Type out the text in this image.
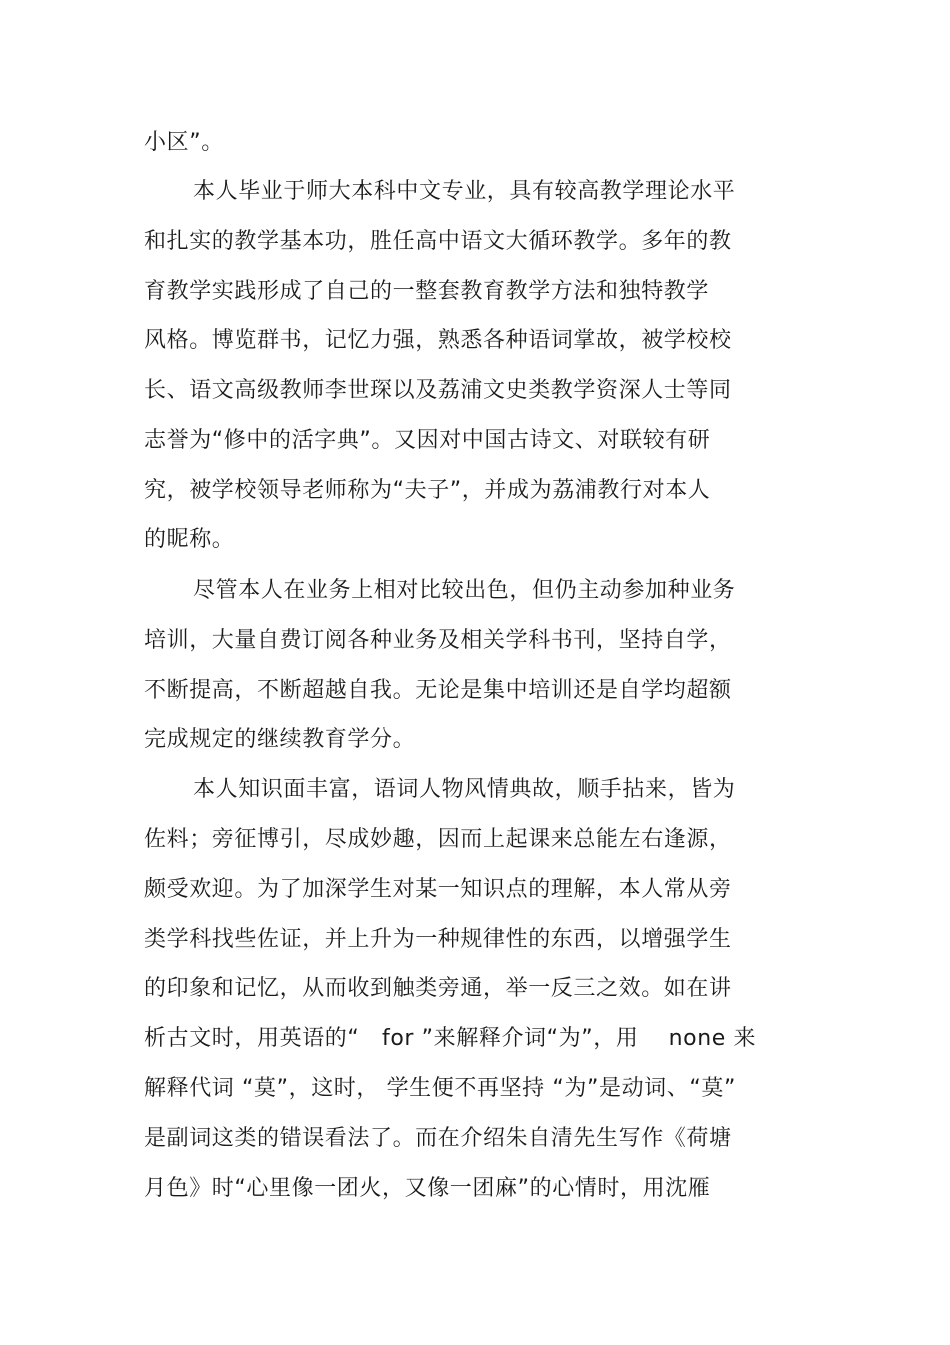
小区”。
本人毕业于师大本科中文专业，具有较高教学理论水平
和扎实的教学基本功，胜任高中语文大循环教学。多年的教
育教学实践形成了自己的一整套教育教学方法和独特教学
风格。博览群书，记忆力强，熟悉各种语词掌故，被学校校
长、语文高级教师李世琛以及荔浦文史类教学资深人士等同
志誉为“修中的活字典”。又因对中国古诗文、对联较有研
究，被学校领导老师称为“夫子”，并成为荔浦教行对本人
的昵称。
尽管本人在业务上相对比较出色，但仍主动参加种业务
培训，大量自费订阅各种业务及相关学科书刊，坚持自学，
不断提高，不断超越自我。无论是集中培训还是自学均超额
完成规定的继续教育学分。
本人知识面丰富，语词人物风情典故，顺手拈来，皆为
佐料；旁征博引，尽成妙趣，因而上起课来总能左右逢源，
颇受欢迎。为了加深学生对某一知识点的理解，本人常从旁
类学科找些佐证，并上升为一种规律性的东西，以增强学生
的印象和记忆，从而收到触类旁通，举一反三之效。如在讲
析古文时，用英语的“　for ”来解释介词“为”，用　 none 来
解释代词 “莫”，这时， 学生便不再坚持 “为”是动词、“莫”
是副词这类的错误看法了。而在介绍朱自清先生写作《荷塘
月色》时“心里像一团火，又像一团麻”的心情时，用沈雁
